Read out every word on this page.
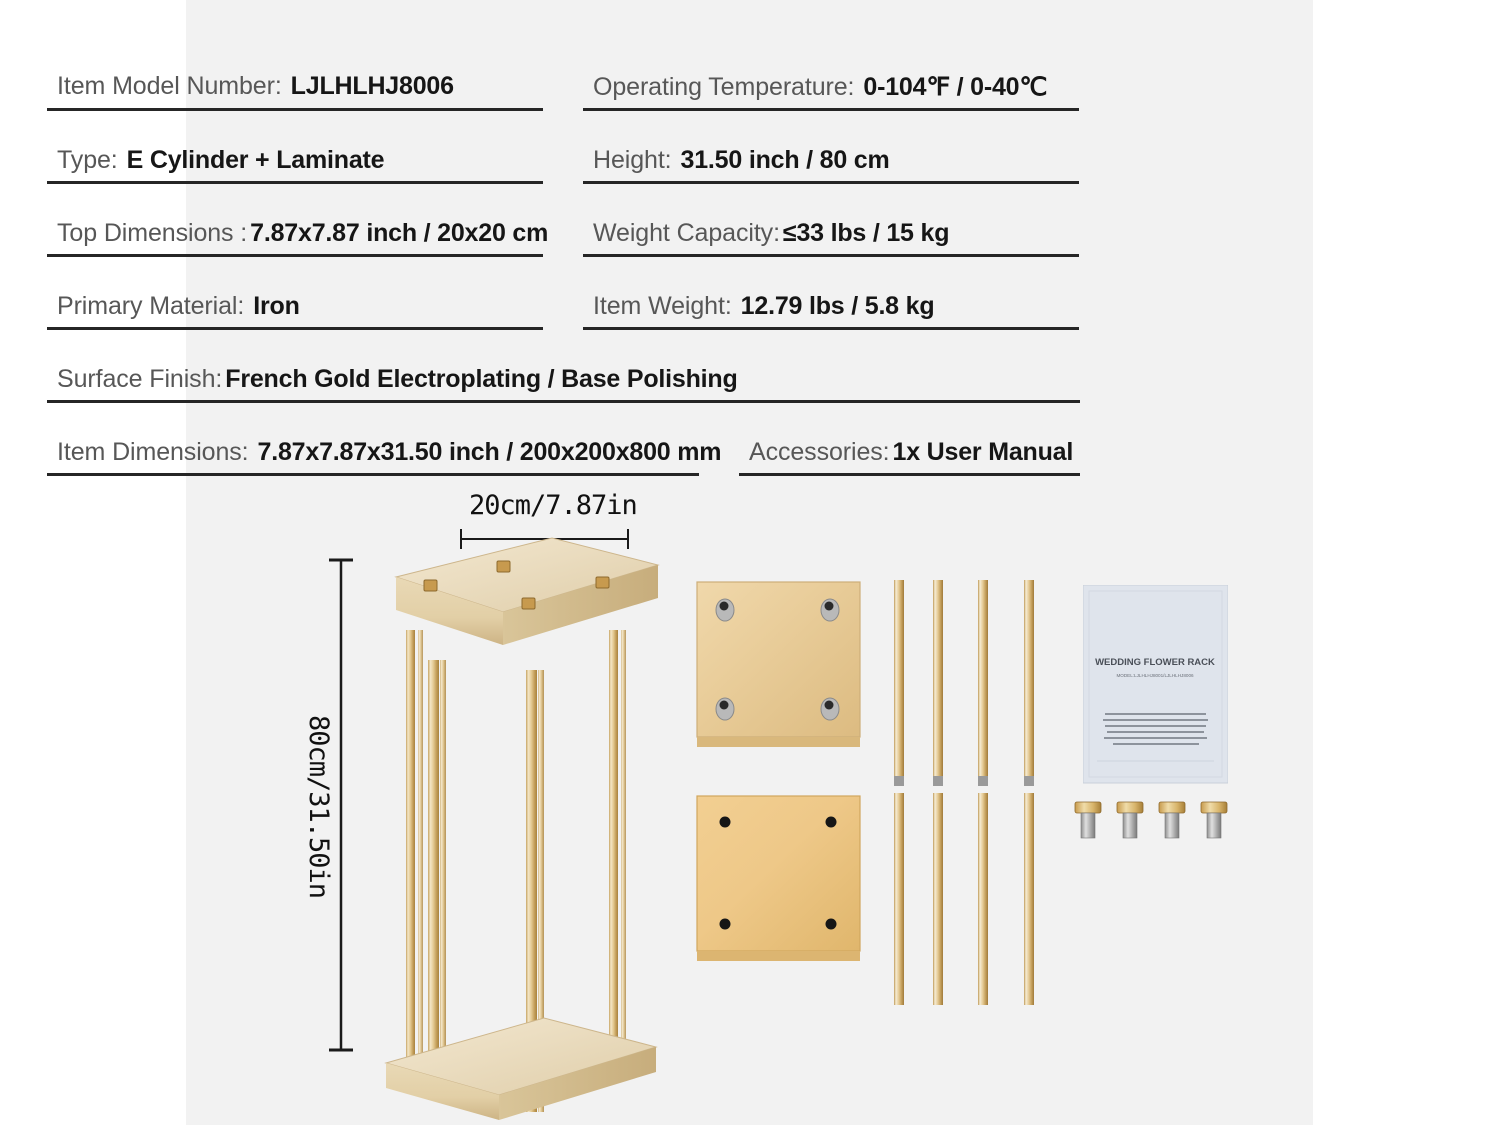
Item Model Number: LJLHLHJ8006	Operating Temperature: 0-104℉ / 0-40℃
Type: E Cylinder + Laminate	Height: 31.50 inch / 80 cm
Top Dimensions : 7.87x7.87 inch / 20x20 cm Weight Capacity: ≤33 lbs / 15 kg
Primary Material: Iron	Item Weight: 12.79 lbs / 5.8 kg
Surface Finish: French Gold Electroplating / Base Polishing
Item Dimensions: 7.87x7.87x31.50 inch / 200x200x800 mm Accessories: 1x User Manual
20cm/7.87in
80cm/31.50in
WEDDING FLOWER RACK
MODEL:LJLHLHJ8001/LJLHLHJ8006
